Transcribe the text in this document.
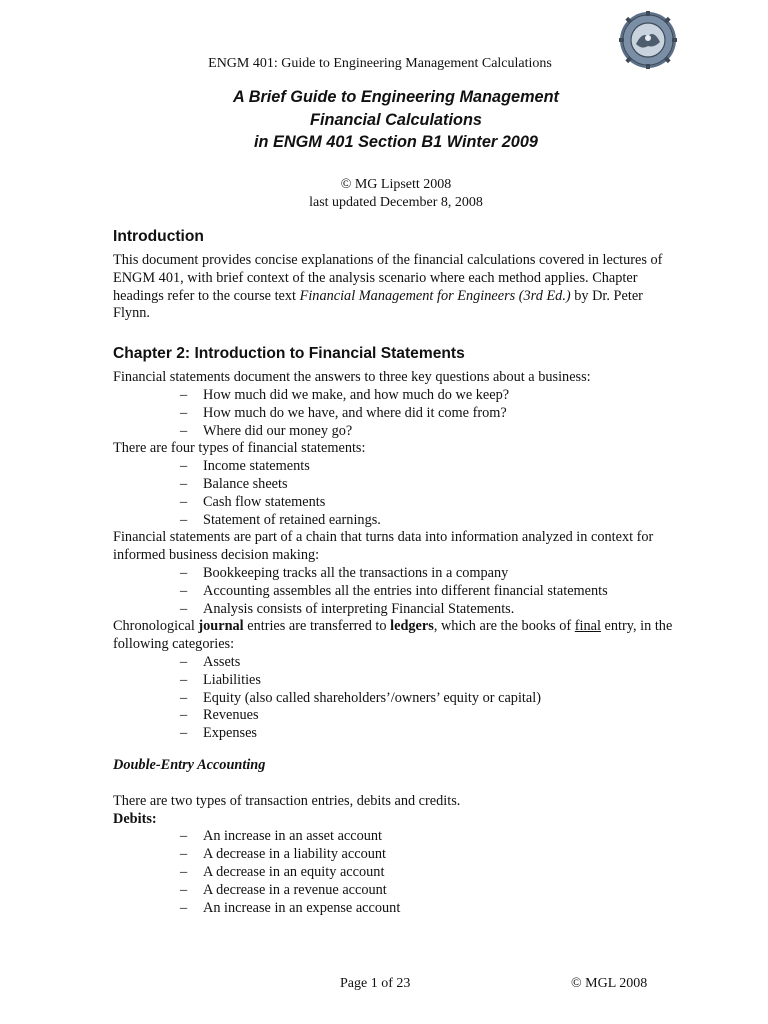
ENGM 401: Guide to Engineering Management Calculations
A Brief Guide to Engineering Management
Financial Calculations
in ENGM 401 Section B1 Winter 2009
© MG Lipsett 2008
last updated December 8, 2008
Introduction

This document provides concise explanations of the financial calculations covered in lectures of ENGM 401, with brief context of the analysis scenario where each method applies. Chapter headings refer to the course text Financial Management for Engineers (3rd Ed.) by Dr. Peter Flynn.

Chapter 2: Introduction to Financial Statements

Financial statements document the answers to three key questions about a business:

– How much did we make, and how much do we keep?
– How much do we have, and where did it come from?
– Where did our money go?

There are four types of financial statements:

– Income statements
– Balance sheets
– Cash flow statements
– Statement of retained earnings.

Financial statements are part of a chain that turns data into information analyzed in context for informed business decision making:

– Bookkeeping tracks all the transactions in a company
– Accounting assembles all the entries into different financial statements
– Analysis consists of interpreting Financial Statements.

Chronological journal entries are transferred to ledgers, which are the books of final entry, in the following categories:

– Assets
– Liabilities
– Equity (also called shareholders’/owners’ equity or capital)
– Revenues
– Expenses

Double-Entry Accounting

There are two types of transaction entries, debits and credits.

Debits:

– An increase in an asset account
– A decrease in a liability account
– A decrease in an equity account
– A decrease in a revenue account
– An increase in an expense account
Page 1 of 23	© MGL 2008
